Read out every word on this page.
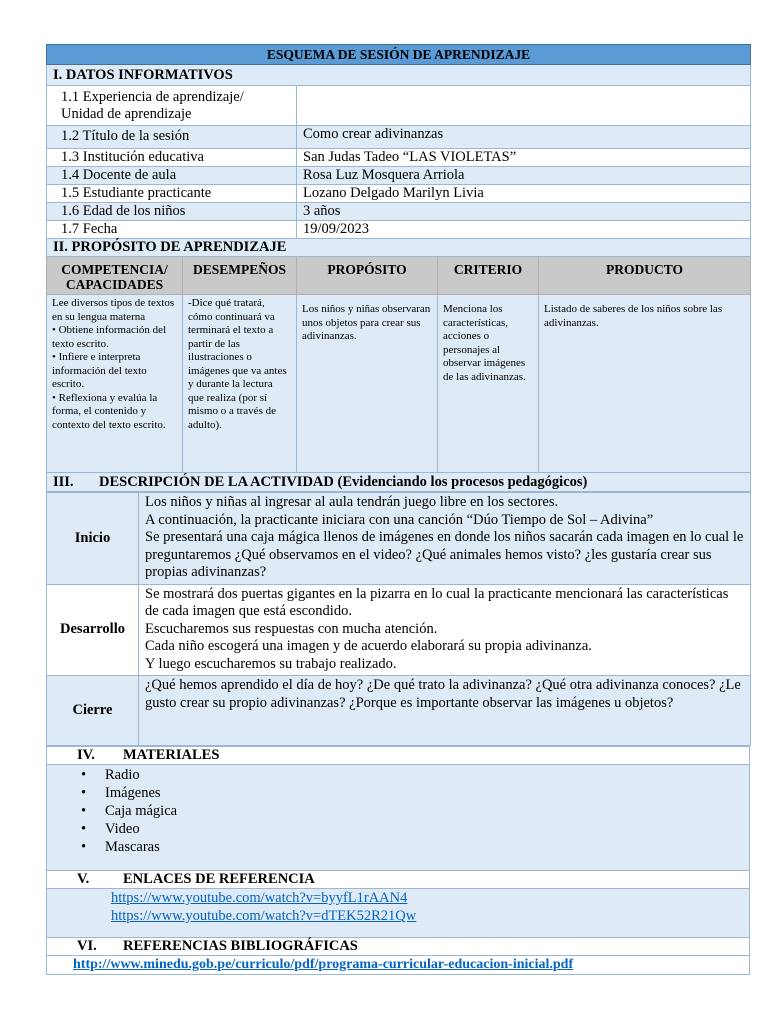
ESQUEMA DE SESIÓN DE APRENDIZAJE				
I. DATOS INFORMATIVOS				
1.1 Experiencia de aprendizaje/ Unidad de aprendizaje				
1.2 Título de la sesión		Como crear adivinanzas		
1.3 Institución educativa		San Judas Tadeo “LAS VIOLETAS”		
1.4 Docente de aula		Rosa Luz Mosquera Arriola		
1.5 Estudiante practicante		Lozano Delgado Marilyn Livia		
1.6 Edad de los niños		3 años		
1.7 Fecha		19/09/2023		
II. PROPÓSITO DE APRENDIZAJE				
COMPETENCIA/ CAPACIDADES	DESEMPEÑOS	PROPÓSITO	CRITERIO	PRODUCTO

Lee diversos tipos de textos en su lengua materna
• Obtiene información del texto escrito.
• Infiere e interpreta información del texto escrito.
• Reflexiona y evalúa la forma, el contenido y contexto del texto escrito.	-Dice qué tratará, cómo continuará va terminará el texto a partir de las ilustraciones o imágenes que va antes y durante la lectura que realiza (por sí mismo o a través de adulto).	Los niños y niñas observaran unos objetos para crear sus adivinanzas.	Menciona los características, acciones o personajes al observar imágenes de las adivinanzas.	Listado de saberes de los niños sobre las adivinanzas.
III. DESCRIPCIÓN DE LA ACTIVIDAD (Evidenciando los procesos pedagógicos)				
Inicio	Los niños y niñas al ingresar al aula tendrán juego libre en los sectores.
A continuación, la practicante iniciara con una canción “Dúo Tiempo de Sol – Adivina”
Se presentará una caja mágica llenos de imágenes en donde los niños sacarán cada imagen en lo cual le preguntaremos ¿Qué observamos en el video? ¿Qué animales hemos visto? ¿les gustaría crear sus propias adivinanzas?

Desarrollo	Se mostrará dos puertas gigantes en la pizarra en lo cual la practicante mencionará las características de cada imagen que está escondido.
Escucharemos sus respuestas con mucha atención.
Cada niño escogerá una imagen y de acuerdo elaborará su propia adivinanza.
Y luego escucharemos su trabajo realizado.

Cierre	¿Qué hemos aprendido el día de hoy? ¿De qué trato la adivinanza? ¿Qué otra adivinanza conoces? ¿Le gusto crear su propio adivinanzas? ¿Porque es importante observar las imágenes u objetos?
IV. MATERIALES

• Radio
• Imágenes
• Caja mágica
• Video
• Mascaras

V. ENLACES DE REFERENCIA

https://www.youtube.com/watch?v=byyfL1rAAN4
https://www.youtube.com/watch?v=dTEK52R21Qw

VI. REFERENCIAS BIBLIOGRÁFICAS

http://www.minedu.gob.pe/curriculo/pdf/programa-curricular-educacion-inicial.pdf
